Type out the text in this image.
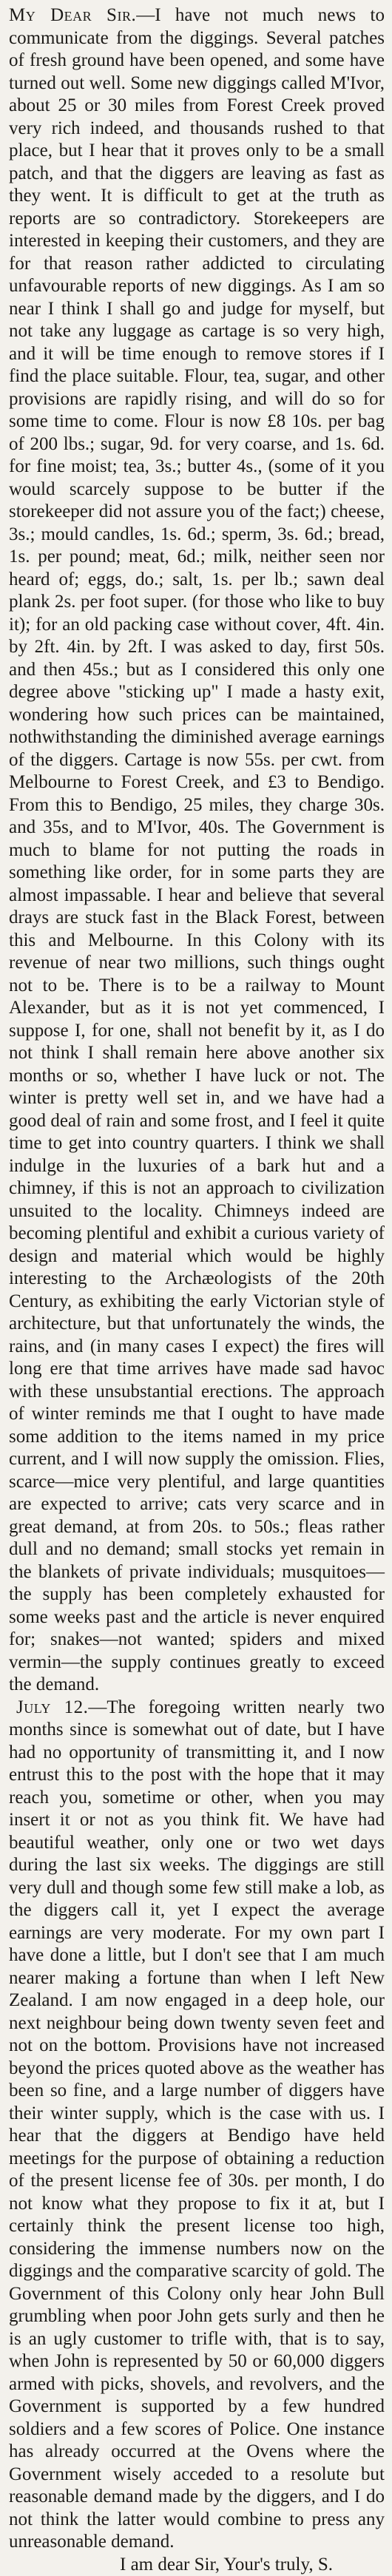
My Dear Sir.—I have not much news to communicate from the diggings. Several patches of fresh ground have been opened, and some have turned out well. Some new diggings called M'Ivor, about 25 or 30 miles from Forest Creek proved very rich indeed, and thousands rushed to that place, but I hear that it proves only to be a small patch, and that the diggers are leaving as fast as they went. It is difficult to get at the truth as reports are so contradictory. Storekeepers are interested in keeping their customers, and they are for that reason rather addicted to circulating unfavourable reports of new diggings. As I am so near I think I shall go and judge for myself, but not take any luggage as cartage is so very high, and it will be time enough to remove stores if I find the place suitable. Flour, tea, sugar, and other provisions are rapidly rising, and will do so for some time to come. Flour is now £8 10s. per bag of 200 lbs.; sugar, 9d. for very coarse, and 1s. 6d. for fine moist; tea, 3s.; butter 4s., (some of it you would scarcely suppose to be butter if the storekeeper did not assure you of the fact;) cheese, 3s.; mould candles, 1s. 6d.; sperm, 3s. 6d.; bread, 1s. per pound; meat, 6d.; milk, neither seen nor heard of; eggs, do.; salt, 1s. per lb.; sawn deal plank 2s. per foot super. (for those who like to buy it); for an old packing case without cover, 4ft. 4in. by 2ft. 4in. by 2ft. I was asked to day, first 50s. and then 45s.; but as I considered this only one degree above "sticking up" I made a hasty exit, wondering how such prices can be maintained, nothwithstanding the diminished average earnings of the diggers. Cartage is now 55s. per cwt. from Melbourne to Forest Creek, and £3 to Bendigo. From this to Bendigo, 25 miles, they charge 30s. and 35s, and to M'Ivor, 40s. The Government is much to blame for not putting the roads in something like order, for in some parts they are almost impassable. I hear and believe that several drays are stuck fast in the Black Forest, between this and Melbourne. In this Colony with its revenue of near two millions, such things ought not to be. There is to be a railway to Mount Alexander, but as it is not yet commenced, I suppose I, for one, shall not benefit by it, as I do not think I shall remain here above another six months or so, whether I have luck or not. The winter is pretty well set in, and we have had a good deal of rain and some frost, and I feel it quite time to get into country quarters. I think we shall indulge in the luxuries of a bark hut and a chimney, if this is not an approach to civilization unsuited to the locality. Chimneys indeed are becoming plentiful and exhibit a curious variety of design and material which would be highly interesting to the Archæologists of the 20th Century, as exhibiting the early Victorian style of architecture, but that unfortunately the winds, the rains, and (in many cases I expect) the fires will long ere that time arrives have made sad havoc with these unsubstantial erections. The approach of winter reminds me that I ought to have made some addition to the items named in my price current, and I will now supply the omission. Flies, scarce—mice very plentiful, and large quantities are expected to arrive; cats very scarce and in great demand, at from 20s. to 50s.; fleas rather dull and no demand; small stocks yet remain in the blankets of private individuals; musquitoes—the supply has been completely exhausted for some weeks past and the article is never enquired for; snakes—not wanted; spiders and mixed vermin—the supply continues greatly to exceed the demand.

July 12.—The foregoing written nearly two months since is somewhat out of date, but I have had no opportunity of transmitting it, and I now entrust this to the post with the hope that it may reach you, sometime or other, when you may insert it or not as you think fit. We have had beautiful weather, only one or two wet days during the last six weeks. The diggings are still very dull and though some few still make a lob, as the diggers call it, yet I expect the average earnings are very moderate. For my own part I have done a little, but I don't see that I am much nearer making a fortune than when I left New Zealand. I am now engaged in a deep hole, our next neighbour being down twenty seven feet and not on the bottom. Provisions have not increased beyond the prices quoted above as the weather has been so fine, and a large number of diggers have their winter supply, which is the case with us. I hear that the diggers at Bendigo have held meetings for the purpose of obtaining a reduction of the present license fee of 30s. per month, I do not know what they propose to fix it at, but I certainly think the present license too high, considering the immense numbers now on the diggings and the comparative scarcity of gold. The Government of this Colony only hear John Bull grumbling when poor John gets surly and then he is an ugly customer to trifle with, that is to say, when John is represented by 50 or 60,000 diggers armed with picks, shovels, and revolvers, and the Government is supported by a few hundred soldiers and a few scores of Police. One instance has already occurred at the Ovens where the Government wisely acceded to a resolute but reasonable demand made by the diggers, and I do not think the latter would combine to press any unreasonable demand.

I am dear Sir, Your's truly, S.
